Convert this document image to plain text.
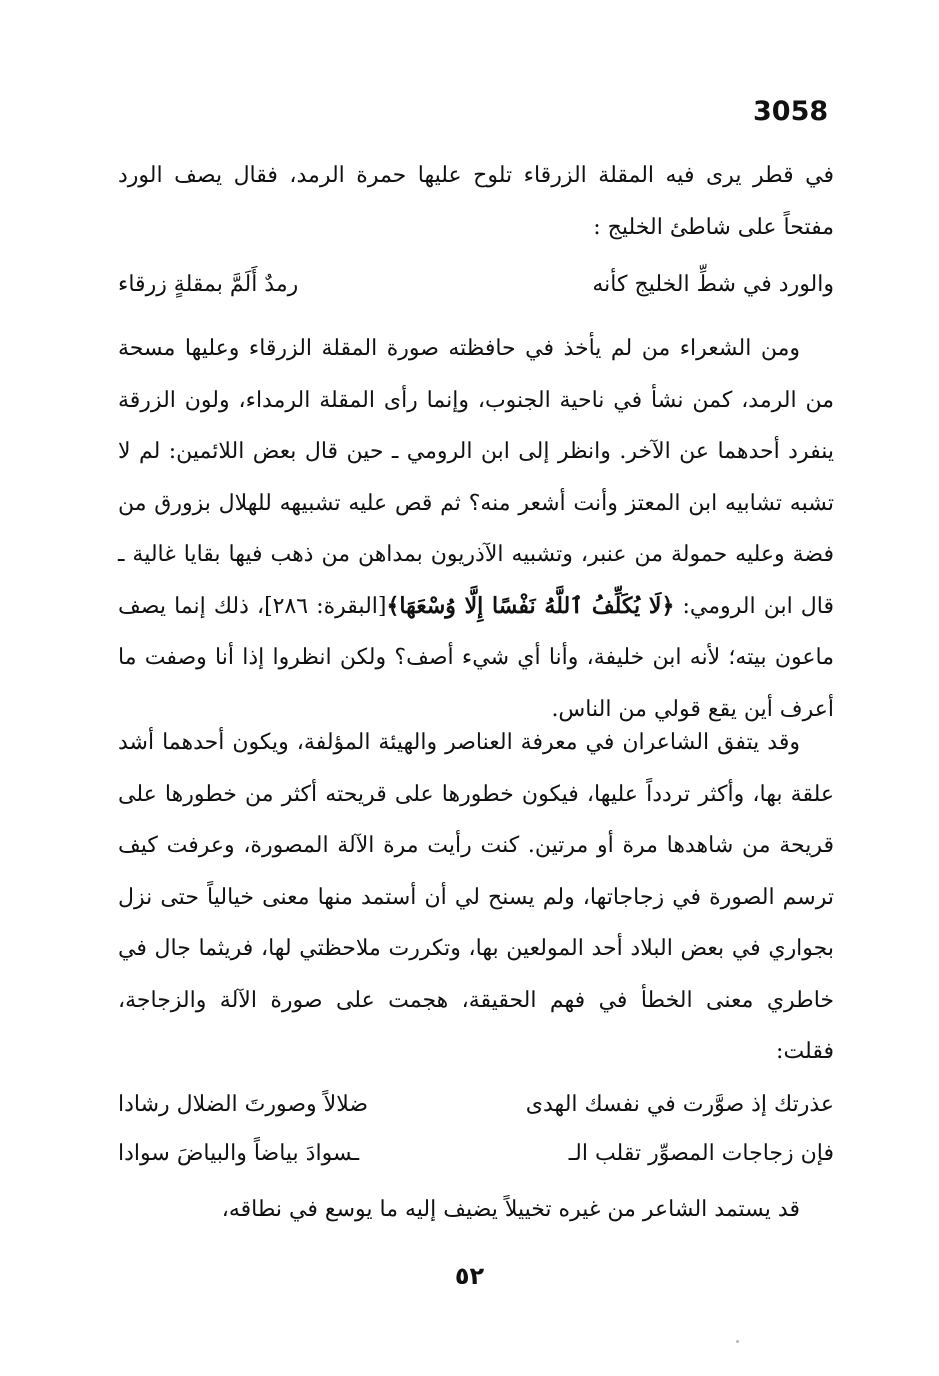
3058

في قطر يرى فيه المقلة الزرقاء تلوح عليها حمرة الرمد، فقال يصف الورد مفتحاً على شاطئ الخليج :

والورد في شطِّ الخليج كأنه
رمدٌ أَلَمَّ بمقلةٍ زرقاء

ومن الشعراء من لم يأخذ في حافظته صورة المقلة الزرقاء وعليها مسحة من الرمد، كمن نشأ في ناحية الجنوب، وإنما رأى المقلة الرمداء، ولون الزرقة ينفرد أحدهما عن الآخر. وانظر إلى ابن الرومي ـ حين قال بعض اللائمين: لم لا تشبه تشابيه ابن المعتز وأنت أشعر منه؟ ثم قص عليه تشبيهه للهلال بزورق من فضة وعليه حمولة من عنبر، وتشبيه الآذريون بمداهن من ذهب فيها بقايا غالية ـ قال ابن الرومي: ﴿لَا يُكَلِّفُ ٱللَّهُ نَفْسًا إِلَّا وُسْعَهَا﴾[البقرة: ٢٨٦]، ذلك إنما يصف ماعون بيته؛ لأنه ابن خليفة، وأنا أي شيء أصف؟ ولكن انظروا إذا أنا وصفت ما أعرف أين يقع قولي من الناس.

وقد يتفق الشاعران في معرفة العناصر والهيئة المؤلفة، ويكون أحدهما أشد علقة بها، وأكثر تردداً عليها، فيكون خطورها على قريحته أكثر من خطورها على قريحة من شاهدها مرة أو مرتين. كنت رأيت مرة الآلة المصورة، وعرفت كيف ترسم الصورة في زجاجاتها، ولم يسنح لي أن أستمد منها معنى خيالياً حتى نزل بجواري في بعض البلاد أحد المولعين بها، وتكررت ملاحظتي لها، فريثما جال في خاطري معنى الخطأ في فهم الحقيقة، هجمت على صورة الآلة والزجاجة، فقلت:

عذرتك إذ صوَّرت في نفسك الهدى
ضلالاً وصورتَ الضلال رشادا
فإن زجاجات المصوِّر تقلب الـ
ـسوادَ بياضاً والبياضَ سوادا

قد يستمد الشاعر من غيره تخييلاً يضيف إليه ما يوسع في نطاقه،

٥٢
